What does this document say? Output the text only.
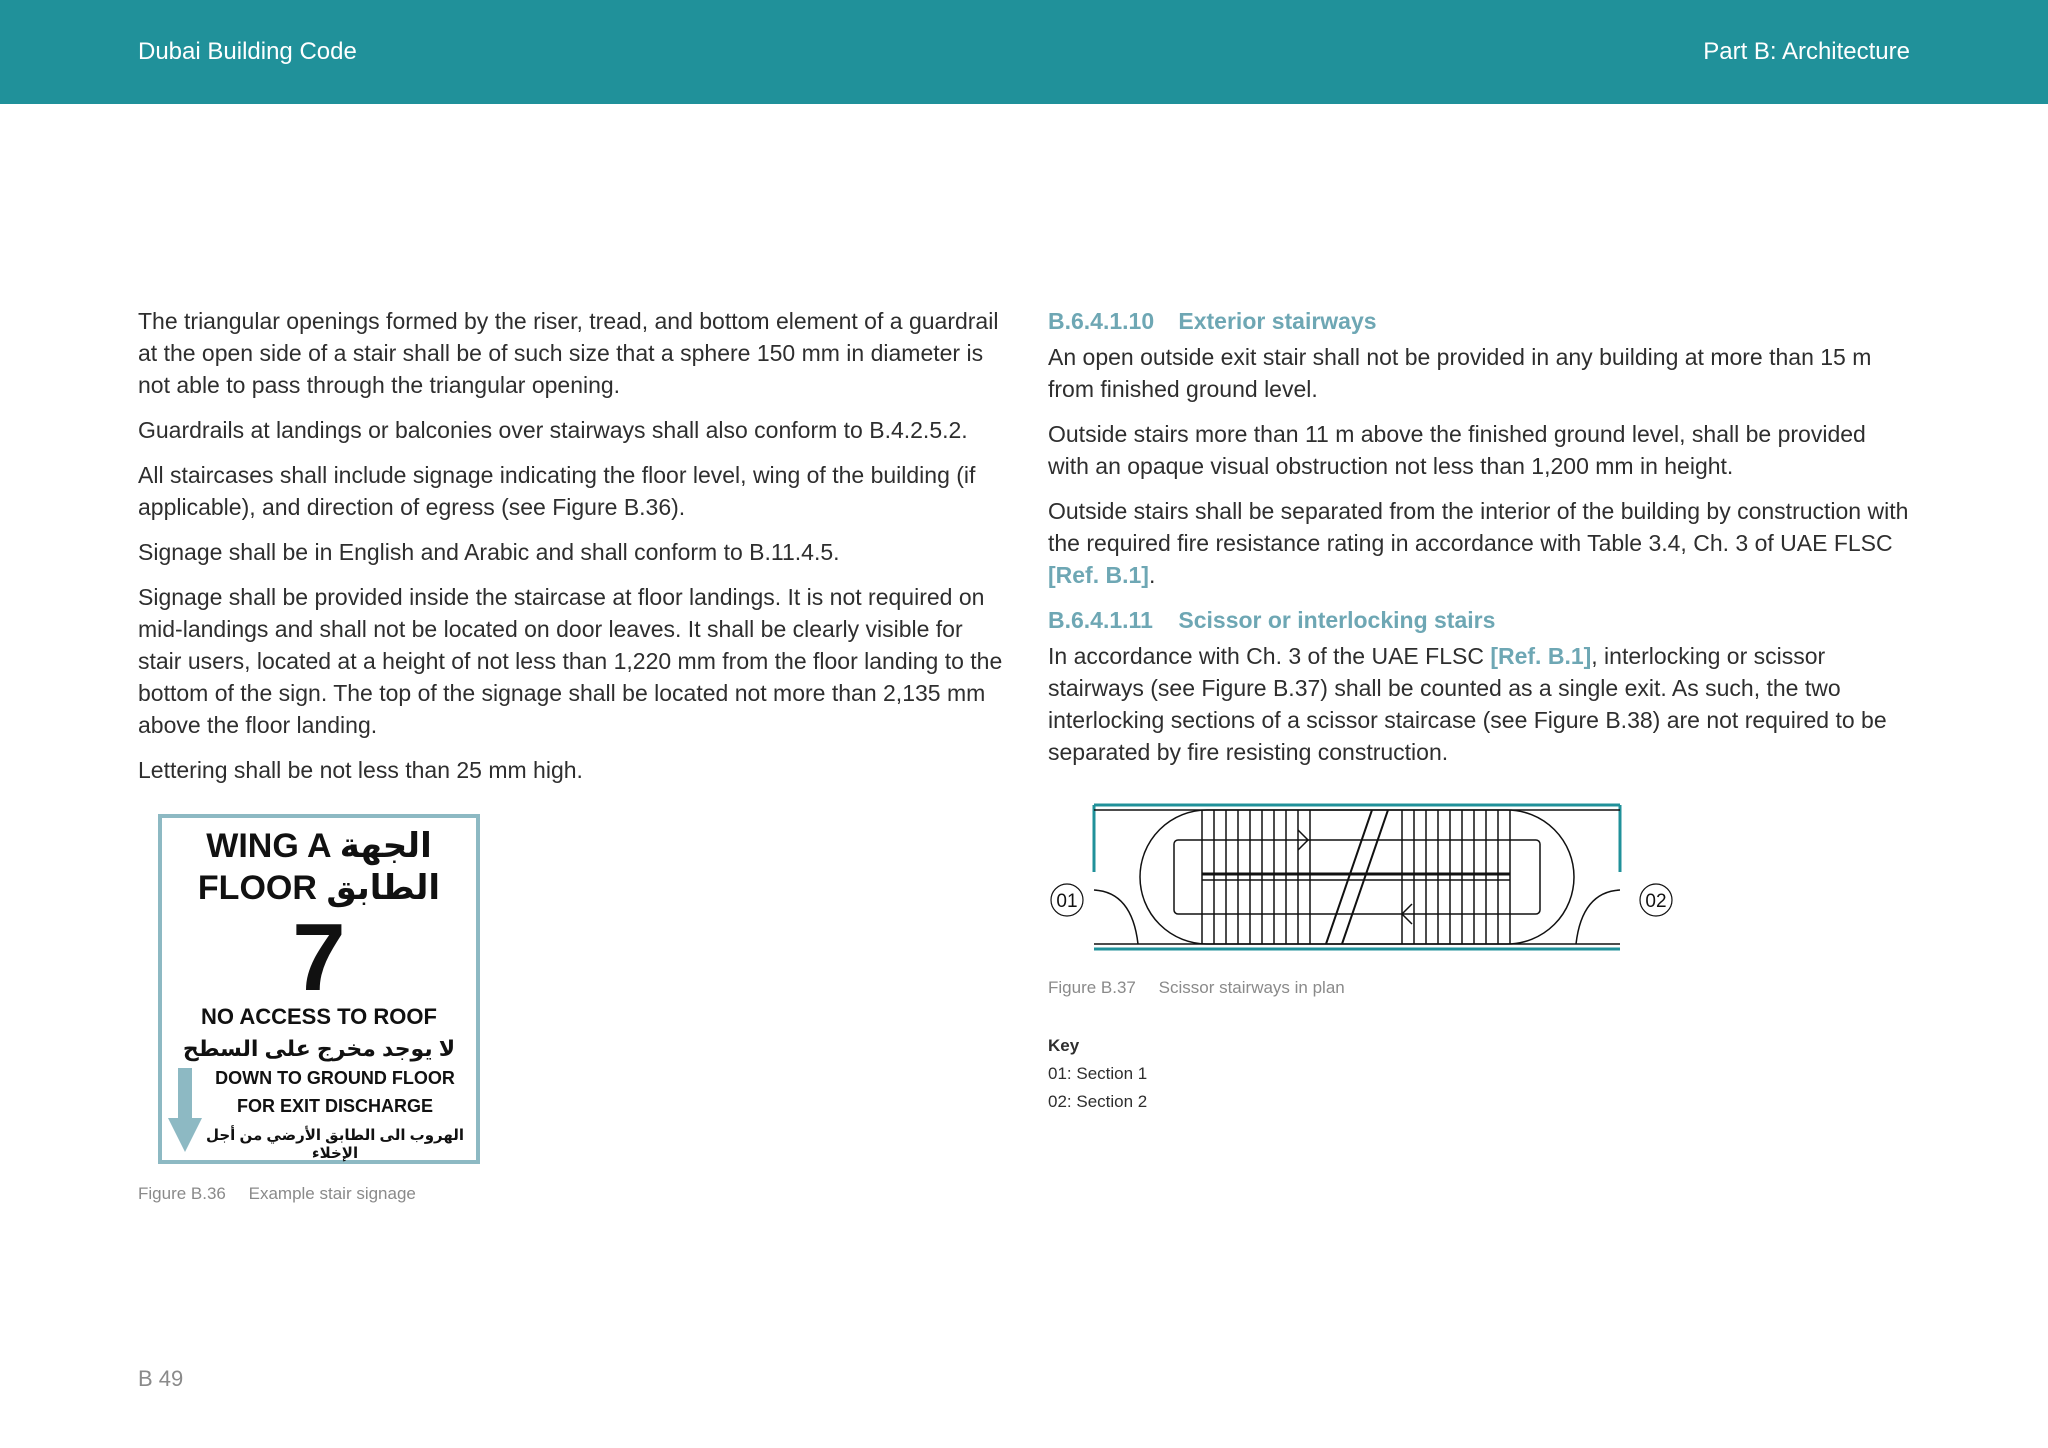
Dubai Building Code	Part B: Architecture

The triangular openings formed by the riser, tread, and bottom element of a guardrail at the open side of a stair shall be of such size that a sphere 150 mm in diameter is not able to pass through the triangular opening.

Guardrails at landings or balconies over stairways shall also conform to B.4.2.5.2.

All staircases shall include signage indicating the floor level, wing of the building (if applicable), and direction of egress (see Figure B.36).

Signage shall be in English and Arabic and shall conform to B.11.4.5.

Signage shall be provided inside the staircase at floor landings. It is not required on mid-landings and shall not be located on door leaves. It shall be clearly visible for stair users, located at a height of not less than 1,220 mm from the floor landing to the bottom of the sign. The top of the signage shall be located not more than 2,135 mm above the floor landing.

Lettering shall be not less than 25 mm high.

WING A الجهة
FLOOR الطابق
7
NO ACCESS TO ROOF
لا يوجد مخرج على السطح
DOWN TO GROUND FLOOR
FOR EXIT DISCHARGE
الهروب الى الطابق الأرضي من أجل الإخلاء
Figure B.36 Example stair signage
B.6.4.1.10 Exterior stairways

An open outside exit stair shall not be provided in any building at more than 15 m from finished ground level.

Outside stairs more than 11 m above the finished ground level, shall be provided with an opaque visual obstruction not less than 1,200 mm in height.

Outside stairs shall be separated from the interior of the building by construction with the required fire resistance rating in accordance with Table 3.4, Ch. 3 of UAE FLSC [Ref. B.1].

B.6.4.1.11 Scissor or interlocking stairs

In accordance with Ch. 3 of the UAE FLSC [Ref. B.1], interlocking or scissor stairways (see Figure B.37) shall be counted as a single exit. As such, the two interlocking sections of a scissor staircase (see Figure B.38) are not required to be separated by fire resisting construction.

01	02
Figure B.37 Scissor stairways in plan
Key
01: Section 1
02: Section 2
B 49
